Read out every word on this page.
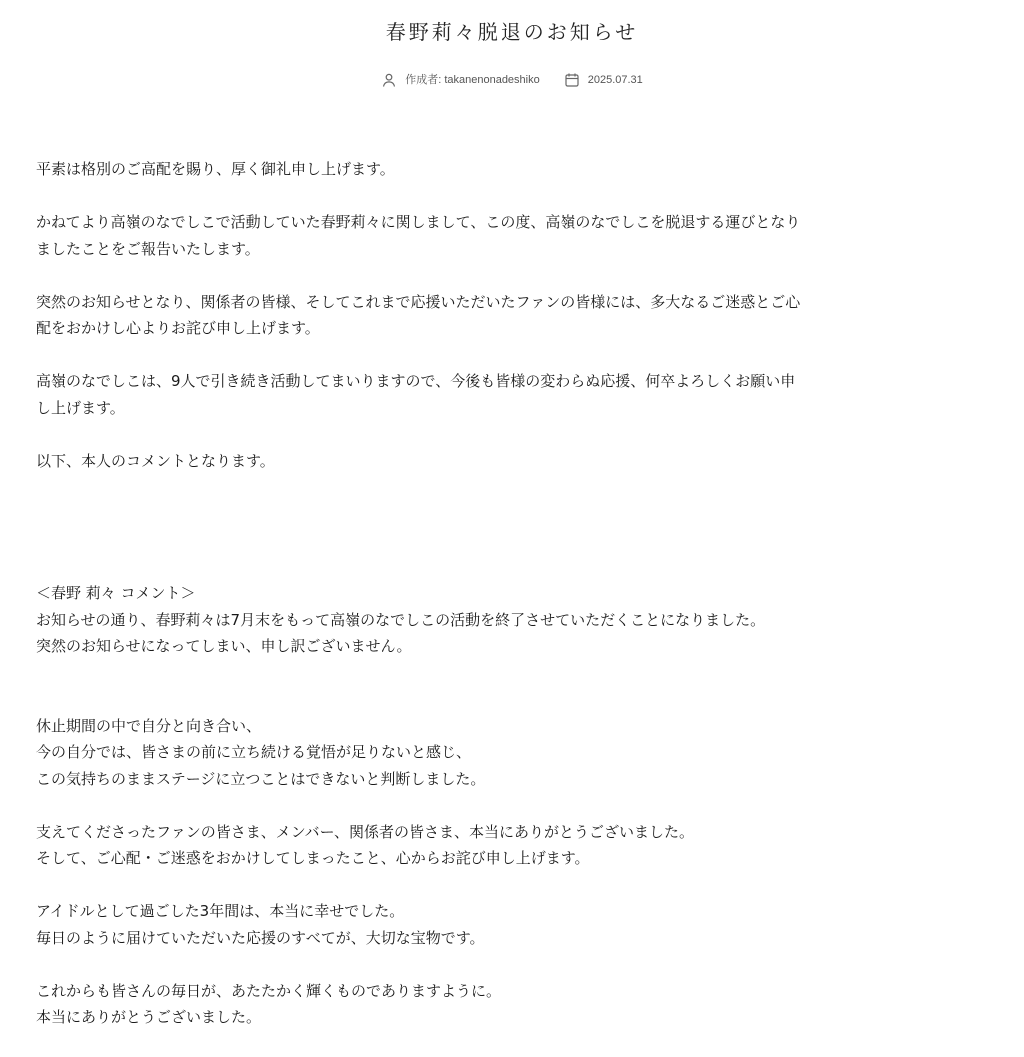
春野莉々脱退のお知らせ
作成者: takanenonadeshiko	2025.07.31

平素は格別のご高配を賜り、厚く御礼申し上げます。

かねてより高嶺のなでしこで活動していた春野莉々に関しまして、この度、高嶺のなでしこを脱退する運びとなり
ましたことをご報告いたします。

突然のお知らせとなり、関係者の皆様、そしてこれまで応援いただいたファンの皆様には、多大なるご迷惑とご心
配をおかけし心よりお詫び申し上げます。

高嶺のなでしこは、9人で引き続き活動してまいりますので、今後も皆様の変わらぬ応援、何卒よろしくお願い申
し上げます。

以下、本人のコメントとなります。

＜春野 莉々 コメント＞
お知らせの通り、春野莉々は7月末をもって高嶺のなでしこの活動を終了させていただくことになりました。
突然のお知らせになってしまい、申し訳ございません。

休止期間の中で自分と向き合い、
今の自分では、皆さまの前に立ち続ける覚悟が足りないと感じ、
この気持ちのままステージに立つことはできないと判断しました。

支えてくださったファンの皆さま、メンバー、関係者の皆さま、本当にありがとうございました。
そして、ご心配・ご迷惑をおかけしてしまったこと、心からお詫び申し上げます。

アイドルとして過ごした3年間は、本当に幸せでした。
毎日のように届けていただいた応援のすべてが、大切な宝物です。

これからも皆さんの毎日が、あたたかく輝くものでありますように。
本当にありがとうございました。
